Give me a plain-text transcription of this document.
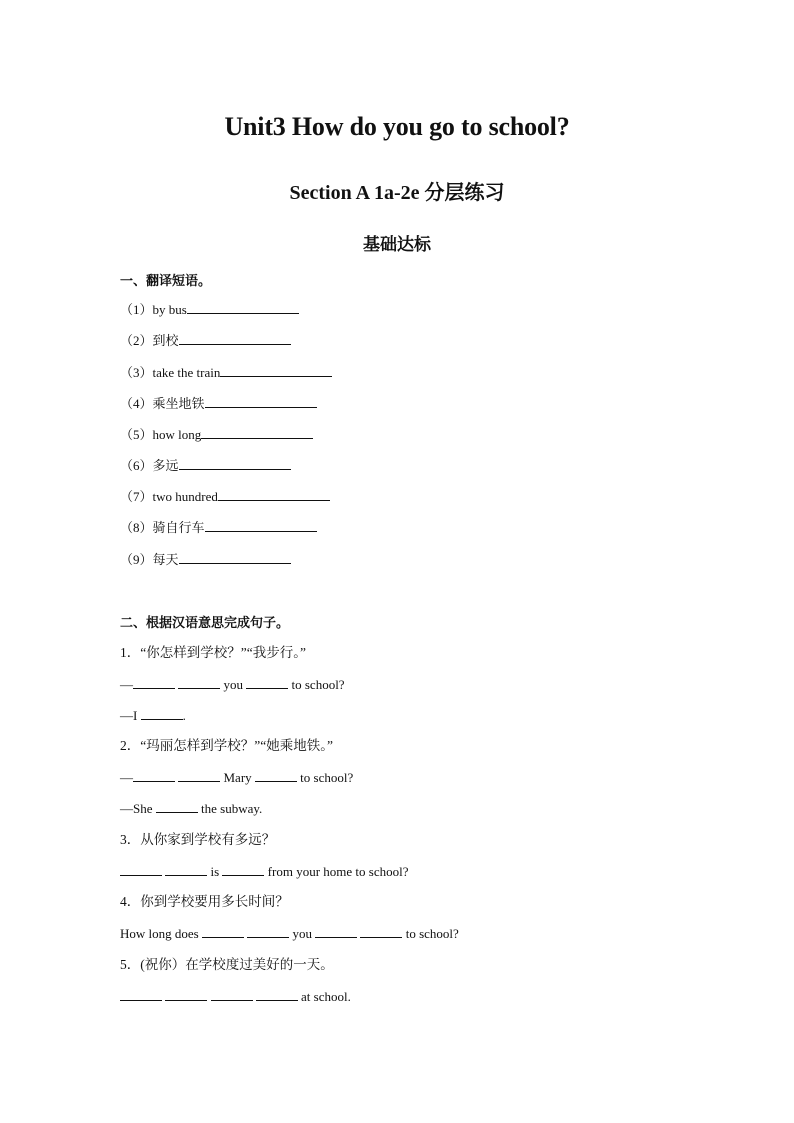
Unit3 How do you go to school?
Section A 1a-2e 分层练习
基础达标

一、翻译短语。

（1）by bus

（2）到校

（3）take the train

（4）乘坐地铁

（5）how long

（6）多远

（7）two hundred

（8）骑自行车

（9）每天

二、根据汉语意思完成句子。

1．“你怎样到学校？”“我步行。”

—	you	to school?

—I	.

2．“玛丽怎样到学校？”“她乘地铁。”

—	Mary	to school?

—She	the subway.

3．从你家到学校有多远？

is	from your home to school?

4．你到学校要用多长时间？

How long does	you	to school?

5．(祝你）在学校度过美好的一天。

at school.
